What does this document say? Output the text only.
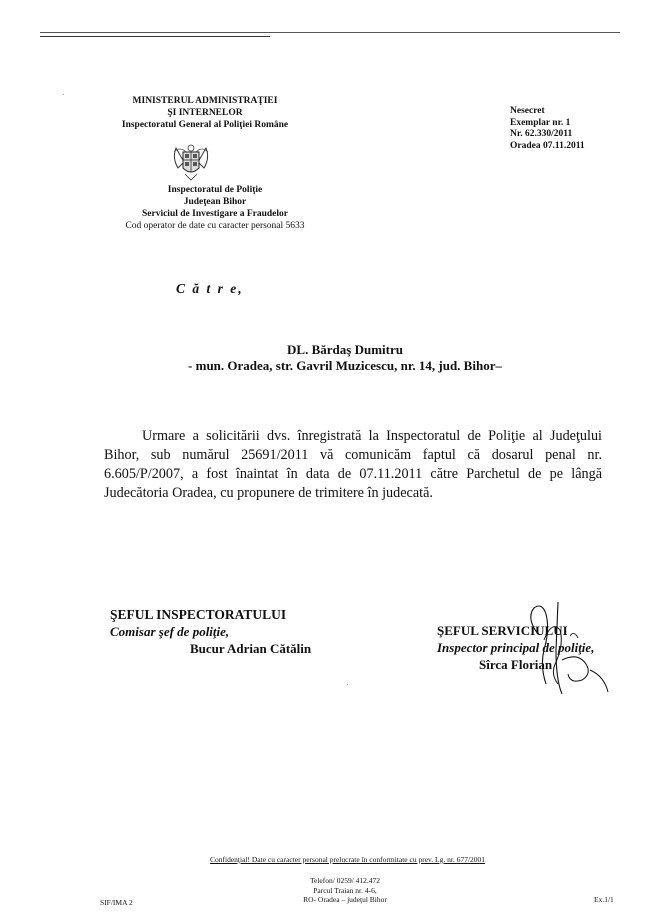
MINISTERUL ADMINISTRAŢIEI
ŞI INTERNELOR
Inspectoratul General al Poliţiei Române
Inspectoratul de Poliţie
Judeţean Bihor
Serviciul de Investigare a Fraudelor
Cod operator de date cu caracter personal 5633
Nesecret
Exemplar nr. 1
Nr. 62.330/2011
Oradea 07.11.2011
C ă t r e,
DL. Bărdaş Dumitru
- mun. Oradea, str. Gavril Muzicescu, nr. 14, jud. Bihor–
Urmare a solicitării dvs. înregistrată la Inspectoratul de Poliţie al Judeţului Bihor, sub numărul 25691/2011 vă comunicăm faptul că dosarul penal nr. 6.605/P/2007, a fost înaintat în data de 07.11.2011 către Parchetul de pe lângă Judecătoria Oradea, cu propunere de trimitere în judecată.
ŞEFUL INSPECTORATULUI
Comisar şef de poliţie,
Bucur Adrian Cătălin
ŞEFUL SERVICIULUI
Inspector principal de poliţie,
Sîrca Florian
Confidenţial! Date cu caracter personal prelucrate în conformitate cu prev. Lg. nr. 677/2001
Telefon/ 0259/ 412.472
Parcul Traian nr. 4-6,
RO- Oradea – judeţul Bihor
SIF/IMA 2	Ex.1/1
